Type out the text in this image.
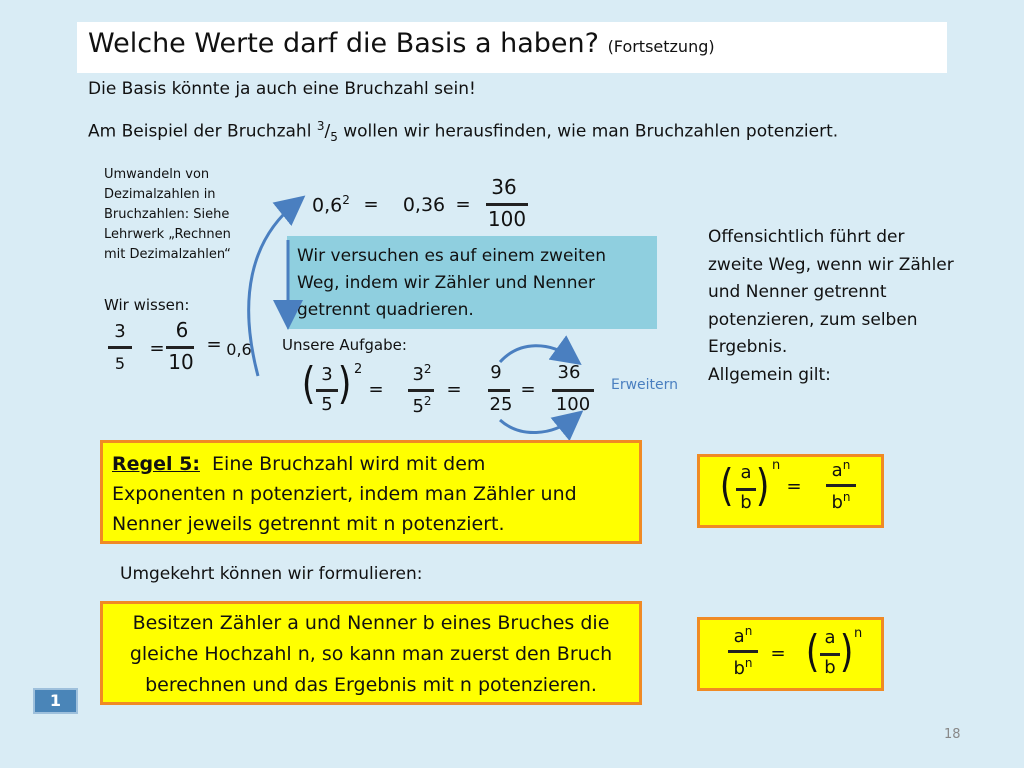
Welche Werte darf die Basis a haben? (Fortsetzung)
Die Basis könnte ja auch eine Bruchzahl sein!
Am Beispiel der Bruchzahl $^3/_5$ wollen wir herausfinden, wie man Bruchzahlen potenziert.
Umwandeln von
Dezimalzahlen in
Bruchzahlen: Siehe
Lehrwerk „Rechnen
mit Dezimalzahlen“
Wir wissen:
3
5
=
6
10
= 0,6
$0,6^2 = 0,36$ =
36
100
Wir versuchen es auf einem zweiten
Weg, indem wir Zähler und Nenner
getrennt quadrieren.
Unsere Aufgabe:
( 3
5 ) 2
=
$3^2$
$5^2$
=
9
25
=
36
100
Erweitern
Offensichtlich führt der
zweite Weg, wenn wir Zähler
und Nenner getrennt
potenzieren, zum selben
Ergebnis.
Allgemein gilt:
Regel 5: Eine Bruchzahl wird mit dem
Exponenten n potenziert, indem man Zähler und
Nenner jeweils getrennt mit n potenziert.
( a
b ) n
=
$a^n$
$b^n$
Umgekehrt können wir formulieren:
Besitzen Zähler a und Nenner b eines Bruches die
gleiche Hochzahl n, so kann man zuerst den Bruch
berechnen und das Ergebnis mit n potenzieren.
$a^n$
$b^n$ = ( a
b ) n
1
18
